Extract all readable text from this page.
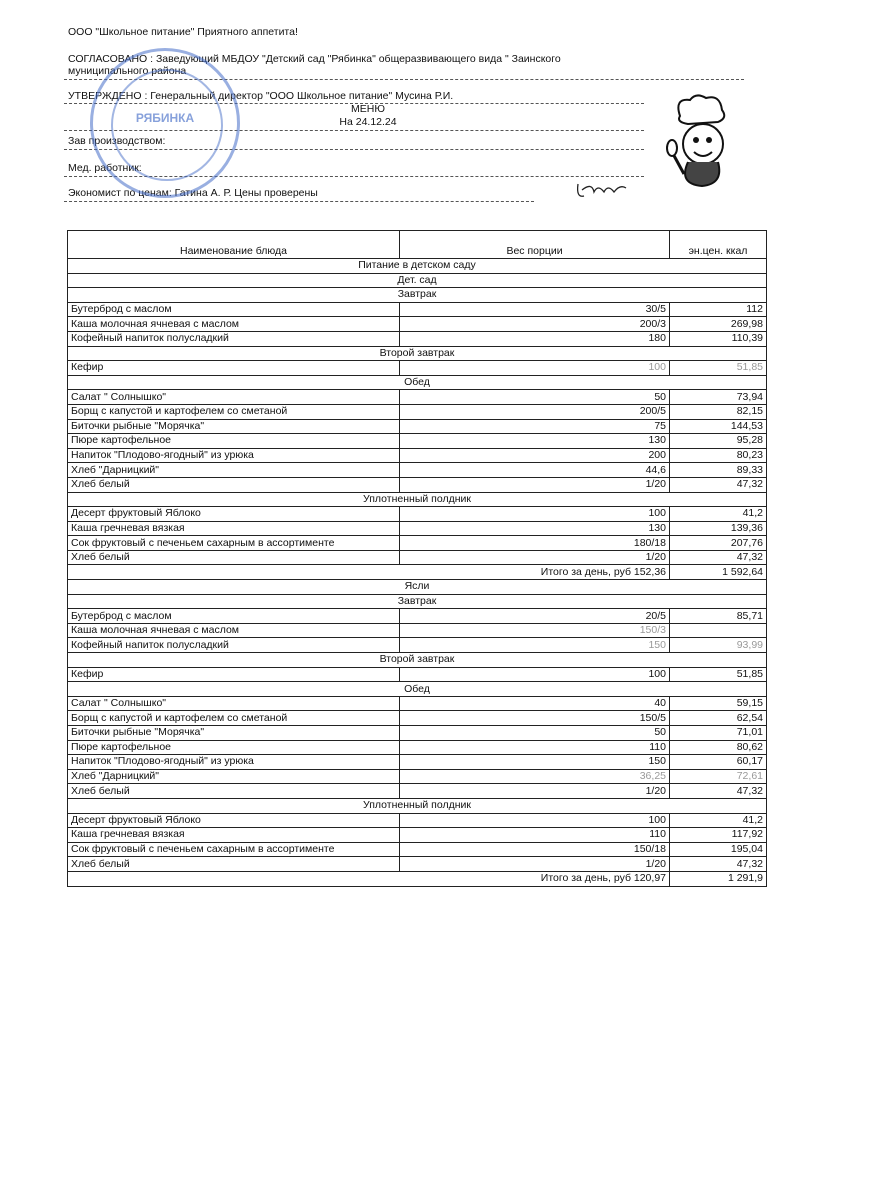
ООО "Школьное питание" Приятного аппетита!
СОГЛАСОВАНО : Заведующий МБДОУ "Детский сад "Рябинка" общеразвивающего вида " Заинского
муниципального района
УТВЕРЖДЕНО : Генеральный директор "ООО Школьное питание" Мусина Р.И.
МЕНЮ
На 24.12.24
Зав производством:
Мед. работник:
Экономист по ценам: Гатина А. Р. Цены проверены
РЯБИНКА
Наименование блюда	Вес порции	эн.цен. ккал
Питание в детском саду		
Дет. сад		
Завтрак		
Бутерброд с маслом	30/5	112
Каша молочная ячневая с маслом	200/3	269,98
Кофейный напиток полусладкий	180	110,39
Второй завтрак		
Кефир	100	51,85
Обед		
Салат " Солнышко"	50	73,94
Борщ с капустой и картофелем со сметаной	200/5	82,15
Биточки рыбные "Морячка"	75	144,53
Пюре картофельное	130	95,28
Напиток "Плодово-ягодный" из урюка	200	80,23
Хлеб "Дарницкий"	44,6	89,33
Хлеб белый	1/20	47,32
Уплотненный полдник		
Десерт фруктовый Яблоко	100	41,2
Каша гречневая вязкая	130	139,36
Сок фруктовый с печеньем сахарным в ассортименте	180/18	207,76
Хлеб белый	1/20	47,32
Итого за день, руб 152,36		1 592,64
Ясли		
Завтрак		
Бутерброд с маслом	20/5	85,71
Каша молочная ячневая с маслом	150/3	
Кофейный напиток полусладкий	150	93,99
Второй завтрак		
Кефир	100	51,85
Обед		
Салат " Солнышко"	40	59,15
Борщ с капустой и картофелем со сметаной	150/5	62,54
Биточки рыбные "Морячка"	50	71,01
Пюре картофельное	110	80,62
Напиток "Плодово-ягодный" из урюка	150	60,17
Хлеб "Дарницкий"	36,25	72,61
Хлеб белый	1/20	47,32
Уплотненный полдник		
Десерт фруктовый Яблоко	100	41,2
Каша гречневая вязкая	110	117,92
Сок фруктовый с печеньем сахарным в ассортименте	150/18	195,04
Хлеб белый	1/20	47,32
Итого за день, руб 120,97		1 291,9
